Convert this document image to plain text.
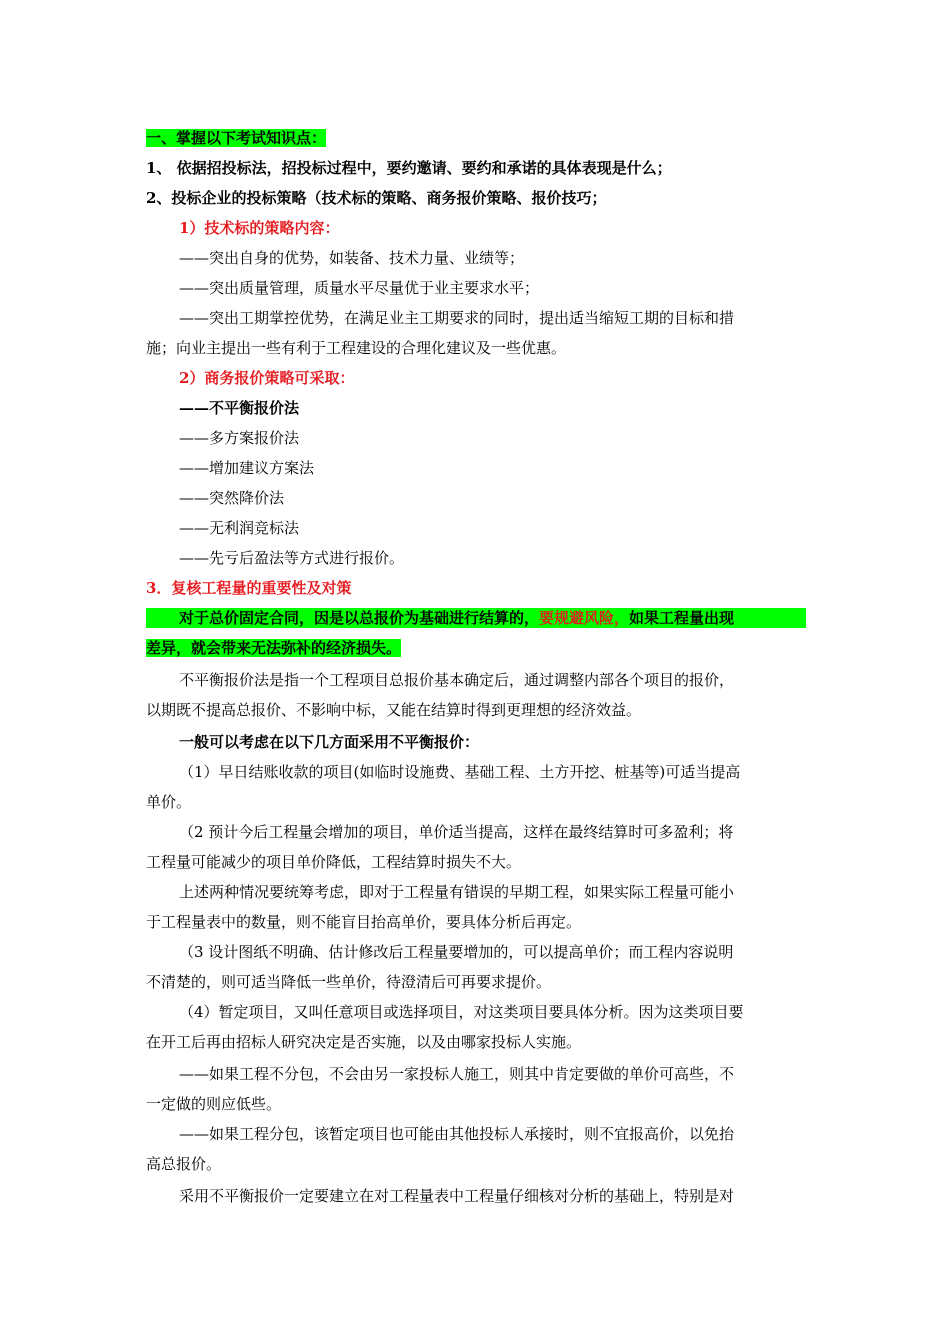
一、掌握以下考试知识点：
1、 依据招投标法，招投标过程中，要约邀请、要约和承诺的具体表现是什么；
2、投标企业的投标策略（技术标的策略、商务报价策略、报价技巧；
1）技术标的策略内容：
——突出自身的优势，如装备、技术力量、业绩等；
——突出质量管理，质量水平尽量优于业主要求水平；
——突出工期掌控优势，在满足业主工期要求的同时，提出适当缩短工期的目标和措
施；向业主提出一些有利于工程建设的合理化建议及一些优惠。
2）商务报价策略可采取：
——不平衡报价法
——多方案报价法
——增加建议方案法
——突然降价法
——无利润竞标法
——先亏后盈法等方式进行报价。
3．复核工程量的重要性及对策
对于总价固定合同，因是以总报价为基础进行结算的，要规避风险，如果工程量出现
差异，就会带来无法弥补的经济损失。
不平衡报价法是指一个工程项目总报价基本确定后，通过调整内部各个项目的报价，
以期既不提高总报价、不影响中标，又能在结算时得到更理想的经济效益。
一般可以考虑在以下几方面采用不平衡报价：
（1）早日结账收款的项目(如临时设施费、基础工程、土方开挖、桩基等)可适当提高
单价。
（2 预计今后工程量会增加的项目，单价适当提高，这样在最终结算时可多盈利；将
工程量可能减少的项目单价降低，工程结算时损失不大。
上述两种情况要统筹考虑，即对于工程量有错误的早期工程，如果实际工程量可能小
于工程量表中的数量，则不能盲目抬高单价，要具体分析后再定。
（3 设计图纸不明确、估计修改后工程量要增加的，可以提高单价；而工程内容说明
不清楚的，则可适当降低一些单价，待澄清后可再要求提价。
（4）暂定项目，又叫任意项目或选择项目，对这类项目要具体分析。因为这类项目要
在开工后再由招标人研究决定是否实施，以及由哪家投标人实施。
——如果工程不分包，不会由另一家投标人施工，则其中肯定要做的单价可高些，不
一定做的则应低些。
——如果工程分包，该暂定项目也可能由其他投标人承接时，则不宜报高价，以免抬
高总报价。
采用不平衡报价一定要建立在对工程量表中工程量仔细核对分析的基础上，特别是对
